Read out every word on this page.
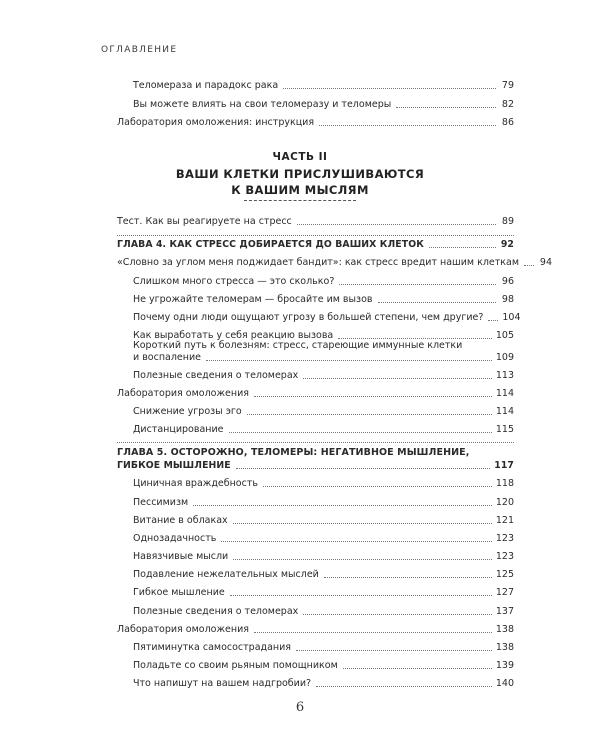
ОГЛАВЛЕНИЕ
Теломераза и парадокс рака	79
Вы можете влиять на свои теломеразу и теломеры	82
Лаборатория омоложения: инструкция	86
ЧАСТЬ II
ВАШИ КЛЕТКИ ПРИСЛУШИВАЮТСЯ
К ВАШИМ МЫСЛЯМ
Тест. Как вы реагируете на стресс	89
ГЛАВА 4. КАК СТРЕСС ДОБИРАЕТСЯ ДО ВАШИХ КЛЕТОК	92
«Словно за углом меня поджидает бандит»: как стресс вредит нашим клеткам 94
Слишком много стресса — это сколько?	96
Не угрожайте теломерам — бросайте им вызов	98
Почему одни люди ощущают угрозу в большей степени, чем другие? 104
Как выработать у себя реакцию вызова	105
Короткий путь к болезням: стресс, стареющие иммунные клетки
и воспаление	109
Полезные сведения о теломерах	113
Лаборатория омоложения	114
Снижение угрозы эго	114
Дистанцирование	115
ГЛАВА 5. ОСТОРОЖНО, ТЕЛОМЕРЫ: НЕГАТИВНОЕ МЫШЛЕНИЕ,
ГИБКОЕ МЫШЛЕНИЕ	117
Циничная враждебность	118
Пессимизм	120
Витание в облаках	121
Однозадачность	123
Навязчивые мысли	123
Подавление нежелательных мыслей	125
Гибкое мышление	127
Полезные сведения о теломерах	137
Лаборатория омоложения	138
Пятиминутка самосострадания	138
Поладьте со своим рьяным помощником	139
Что напишут на вашем надгробии?	140
6
